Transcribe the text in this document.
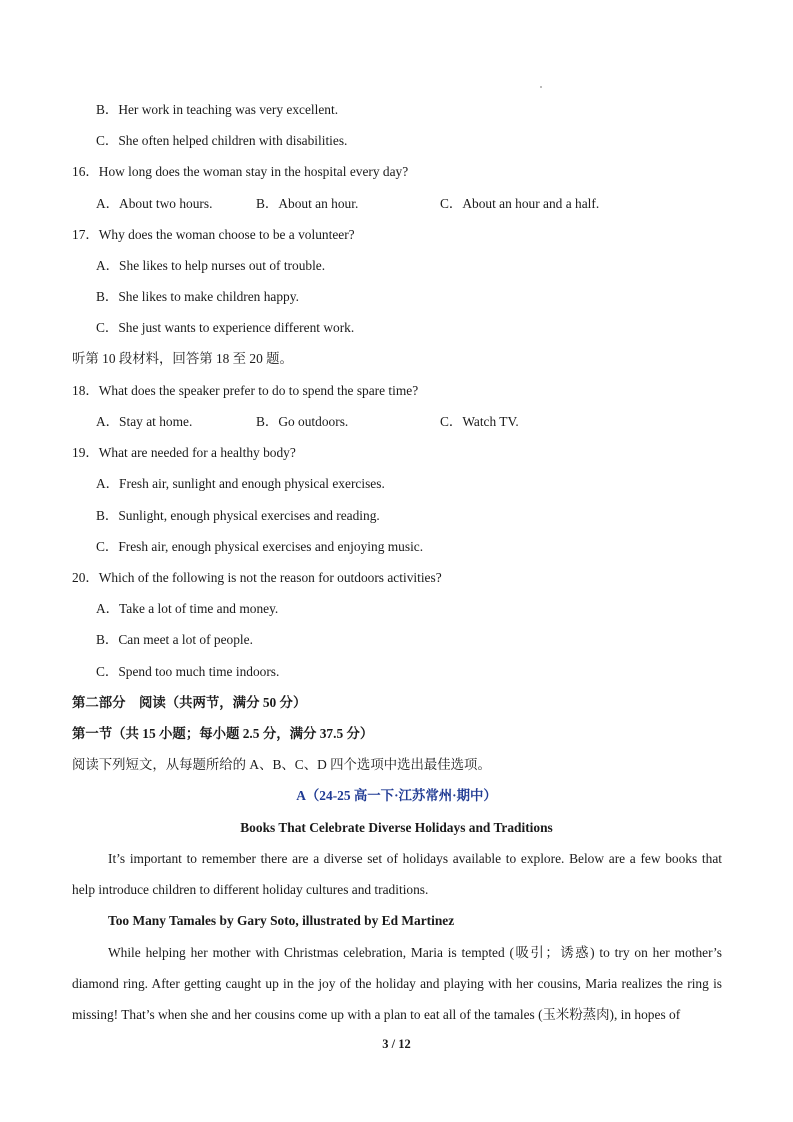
B．Her work in teaching was very excellent.
C．She often helped children with disabilities.
16．How long does the woman stay in the hospital every day?
A．About two hours.	B．About an hour.	C．About an hour and a half.
17．Why does the woman choose to be a volunteer?
A．She likes to help nurses out of trouble.
B．She likes to make children happy.
C．She just wants to experience different work.
听第 10 段材料，回答第 18 至 20 题。
18．What does the speaker prefer to do to spend the spare time?
A．Stay at home.	B．Go outdoors.	C．Watch TV.
19．What are needed for a healthy body?
A．Fresh air, sunlight and enough physical exercises.
B．Sunlight, enough physical exercises and reading.
C．Fresh air, enough physical exercises and enjoying music.
20．Which of the following is not the reason for outdoors activities?
A．Take a lot of time and money.
B．Can meet a lot of people.
C．Spend too much time indoors.
第二部分　阅读（共两节，满分 50 分）
第一节（共 15 小题；每小题 2.5 分，满分 37.5 分）
阅读下列短文，从每题所给的 A、B、C、D 四个选项中选出最佳选项。
A（24-25 高一下·江苏常州·期中）
Books That Celebrate Diverse Holidays and Traditions
It’s important to remember there are a diverse set of holidays available to explore. Below are a few books that help introduce children to different holiday cultures and traditions.
Too Many Tamales by Gary Soto, illustrated by Ed Martinez
While helping her mother with Christmas celebration, Maria is tempted (吸引；诱惑) to try on her mother’s diamond ring. After getting caught up in the joy of the holiday and playing with her cousins, Maria realizes the ring is missing! That’s when she and her cousins come up with a plan to eat all of the tamales (玉米粉蒸肉), in hopes of
3 / 12
